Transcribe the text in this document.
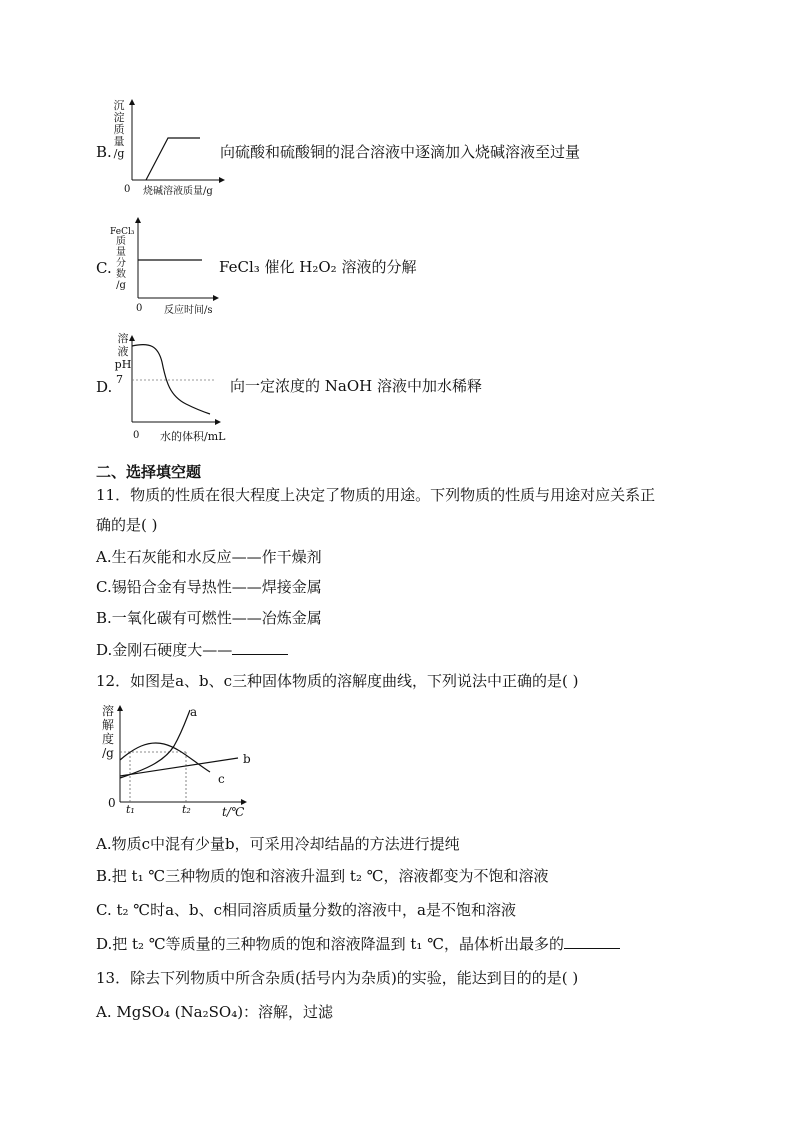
B.
沉
淀
质
量
/g
0 烧碱溶液质量/g
向硫酸和硫酸铜的混合溶液中逐滴加入烧碱溶液至过量
C.
FeCl₃
质
量
分
数
/g
0 反应时间/s
FeCl₃ 催化 H₂O₂ 溶液的分解
D.
溶
液
pH
7
0 水的体积/mL
向一定浓度的 NaOH 溶液中加水稀释
二、选择填空题
11．物质的性质在很大程度上决定了物质的用途。下列物质的性质与用途对应关系正
确的是( )
A.生石灰能和水反应——作干燥剂
C.锡铅合金有导热性——焊接金属
B.一氧化碳有可燃性——冶炼金属
D.金刚石硬度大——
12．如图是a、b、c三种固体物质的溶解度曲线，下列说法中正确的是( )
溶
解
度
/g
a
b
c
0 t₁	t₂	t/℃
A.物质c中混有少量b，可采用冷却结晶的方法进行提纯
B.把 t₁ ℃三种物质的饱和溶液升温到 t₂ ℃，溶液都变为不饱和溶液
C. t₂ ℃时a、b、c相同溶质质量分数的溶液中，a是不饱和溶液
D.把 t₂ ℃等质量的三种物质的饱和溶液降温到 t₁ ℃，晶体析出最多的
13．除去下列物质中所含杂质(括号内为杂质)的实验，能达到目的的是( )
A. MgSO₄ (Na₂SO₄)：溶解，过滤
